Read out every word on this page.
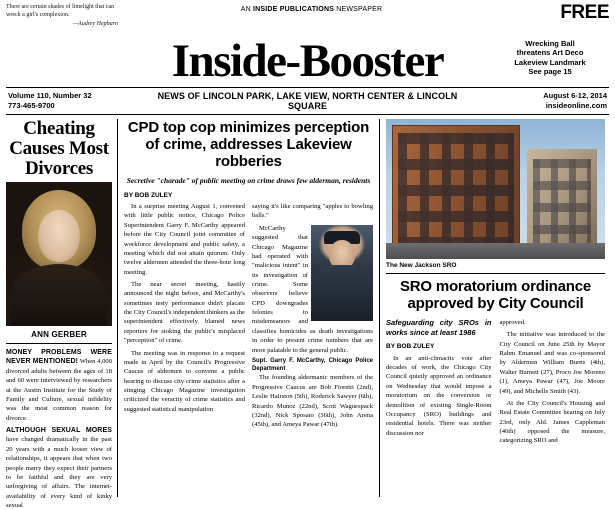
There are certain shades of limelight that can wreck a girl's complexion.
—Audrey Hepburn
AN INSIDE PUBLICATIONS NEWSPAPER	FREE
Inside-Booster	Wrecking Ball
threatens Art Deco
Lakeview Landmark
See page 15
Volume 110, Number 32
773-465-9700
NEWS OF LINCOLN PARK, LAKE VIEW, NORTH CENTER & LINCOLN SQUARE
August 6-12, 2014
insideonline.com
Cheating Causes Most Divorces
ANN GERBER

MONEY PROBLEMS WERE NEVER MENTIONED! When 4,000 divorced adults between the ages of 18 and 60 were interviewed by researchers at the Austin Institute for the Study of Family and Culture, sexual infidelity was the most common reason for divorce.

ALTHOUGH SEXUAL MORES have changed dramatically in the past 20 years with a much looser view of relationships, it appears that when two people marry they expect their partners to be faithful and they are very unforgiving of affairs. The internet-availability of every kind of kinky sexual

CPD top cop minimizes perception of crime, addresses Lakeview robberies
Secretive "charade" of public meeting on crime draws few alderman, residents
BY BOB ZULEY

In a surprise meeting August 1, convened with little public notice, Chicago Police Superintendent Garry F. McCarthy appeared before the City Council joint committee of workforce development and public safety, a meeting which did not attain quorum. Only twelve aldermen attended the three-hour long meeting.

The near secret meeting, hastily announced the night before, and McCarthy's sometimes testy performance didn't placate the City Council's independent thinkers as the superintendent effectively blamed news reporters for stoking the public's misplaced "perception" of crime.

The meeting was in response to a request made in April by the Council's Progressive Caucus of aldermen to convene a public hearing to discuss city crime statistics after a stinging Chicago Magazine investigation criticized the veracity of crime statistics and suggested statistical manipulation

saying it's like comparing "apples to bowling balls."

McCarthy suggested that Chicago Magazine had operated with "malicious intent" in its investigation of crime. Some observers believe CPD downgrades felonies to misdemeanors and classifies homicides as death investigations in order to present crime numbers that are more palatable to the general public.

Supt. Garry F. McCarthy, Chicago Police Department

The founding aldermanic members of the Progressive Caucus are Bob Fioretti (2nd), Leslie Hairston (5th), Roderick Sawyer (6th), Ricardo Munoz (22nd), Scott Waguespack (32nd), Nick Sposato (36th), John Arena (45th), and Ameya Pawar (47th).

The New Jackson SRO
SRO moratorium ordinance approved by City Council
Safeguarding city SROs in works since at least 1986
BY BOB ZULEY

In an anti-climactic vote after decades of work, the Chicago City Council quietly approved an ordinance on Wednesday that would impose a moratorium on the conversion or demolition of existing Single-Room Occupancy (SRO) buildings and residential hotels. There was neither discussion nor

approved.

The initiative was introduced to the City Council on June 25th by Mayor Rahm Emanuel and was co-sponsored by Aldermen William Burns (4th), Walter Burnett (27), Proco Joe Moreno (1), Ameya Pawar (47), Joe Moore (49), and Michelle Smith (43).

At the City Council's Housing and Real Estate Committee hearing on July 23rd, only Ald. James Cappleman (46th) opposed the measure, categorizing SRO and
